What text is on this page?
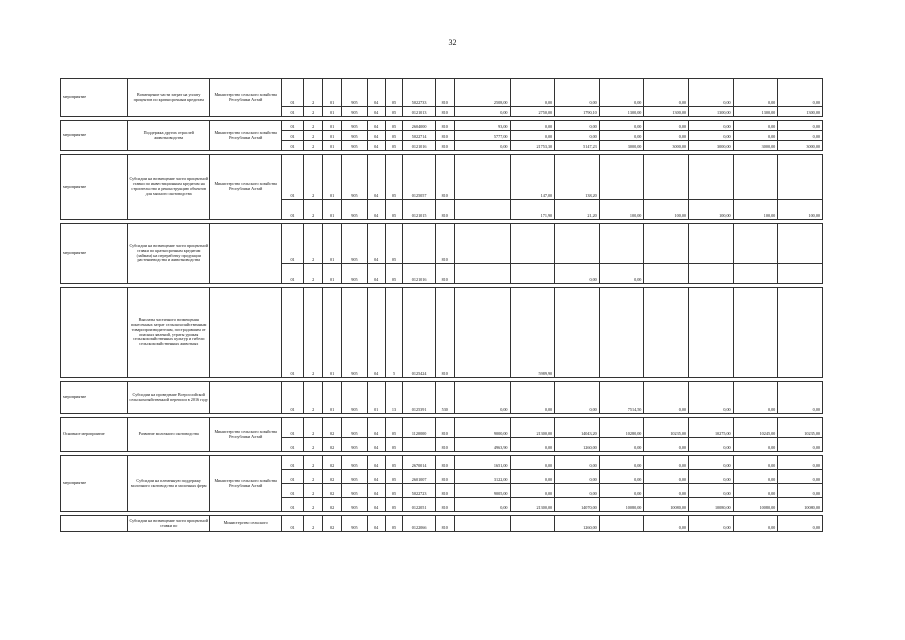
32

мероприятие	Возмещение части затрат на уплату процентов по краткосрочным кредитам	Министерство сельского хозяйства Республики Алтай	01	2	01	905	04	05	5022733	810	2508,00	0,00	0,00	0,00	0,00	0,00	0,00	0,00
			01	2	01	905	04	05	0121013	810	0,00	2750,00	1790,10	1300,00	1300,00	1300,00	1300,00	1300,00

мероприятие	Поддержка других отраслей животноводства	Министерство сельского хозяйства Республики Алтай	01	2	01	905	04	05	2604000	810	93,00	0,00	0,00	0,00	0,00	0,00	0,00	0,00
			01	2	01	905	04	05	5022714	810	5777,00	0,00	0,00	0,00	0,00	0,00	0,00	0,00
			01	2	01	905	04	05	0121016	810	0,00	21753,30	5147,23	3000,00	3000,00	3000,00	3000,00	3000,00

мероприятие	Субсидии на возмещение части процентной ставки по инвестиционным кредитам на строительство и реконструкцию объектов для мясного скотоводства	Министерство сельского хозяйства Республики Алтай	01	2	01	905	04	05	0125057	810		147,00	138,20					
			01	2	01	905	04	05	0121015	810		171,90	21,20	100,00	100,00	100,00	100,00	100,00

мероприятие	Субсидии на возмещение части процентной ставки по краткосрочным кредитам (займам) на переработку продукции растениеводства и животноводства		01	2	01	905	04	05		810								
			01	2	01	905	04	05	0121016	810			0,00	0,00				

	Выплаты частичного возмещения понесенных затрат сельскохозяйственным товаропроизводителям, пострадавшим от опасных явлений, утраты урожая сельскохозяйственных культур и гибели сельскохозяйственных животных		01	2	01	905	04	5	0125424	810		5989,90						

мероприятие	Субсидии на проведение Всероссийской сельскохозяйственной переписи в 2016 году		01	2	01	905	01	13	0125391	530	0,00	0,00	0,00	7514,50	0,00	0,00	0,00	0,00

Основное мероприятие	Развитие молочного скотоводства	Министерство сельского хозяйства Республики Алтай	01	2	02	905	04	05	1120000	810	9000,00	21300,00	14043,20	10280,00	10235,00	10275,00	10245,00	10235,00
			01	2	02	905	04	05		810	4963,90	0,00	1260,00	0,00	0,00	0,00	0,00	0,00

мероприятие	Субсидии на племенную поддержку молочного скотоводства и молочных ферм	Министерство сельского хозяйства Республики Алтай	01	2	02	905	04	05	2670014	810	1651,00	0,00	0,00	0,00	0,00	0,00	0,00	0,00
			01	2	02	905	04	05	2601007	810	3122,00	0,00	0,00	0,00	0,00	0,00	0,00	0,00
			01	2	02	905	04	05	5022723	810	9005,00	0,00	0,00	0,00	0,00	0,00	0,00	0,00
			01	2	02	905	04	05	0122051	810	0,00	21300,00	14070,00	10080,00	10080,00	10080,00	10080,00	10080,00

	Субсидии на возмещение части процентной ставки по	Министерство сельского	01	2	02	905	04	05	0122066	810			1260,00		0,00	0,00	0,00	0,00
